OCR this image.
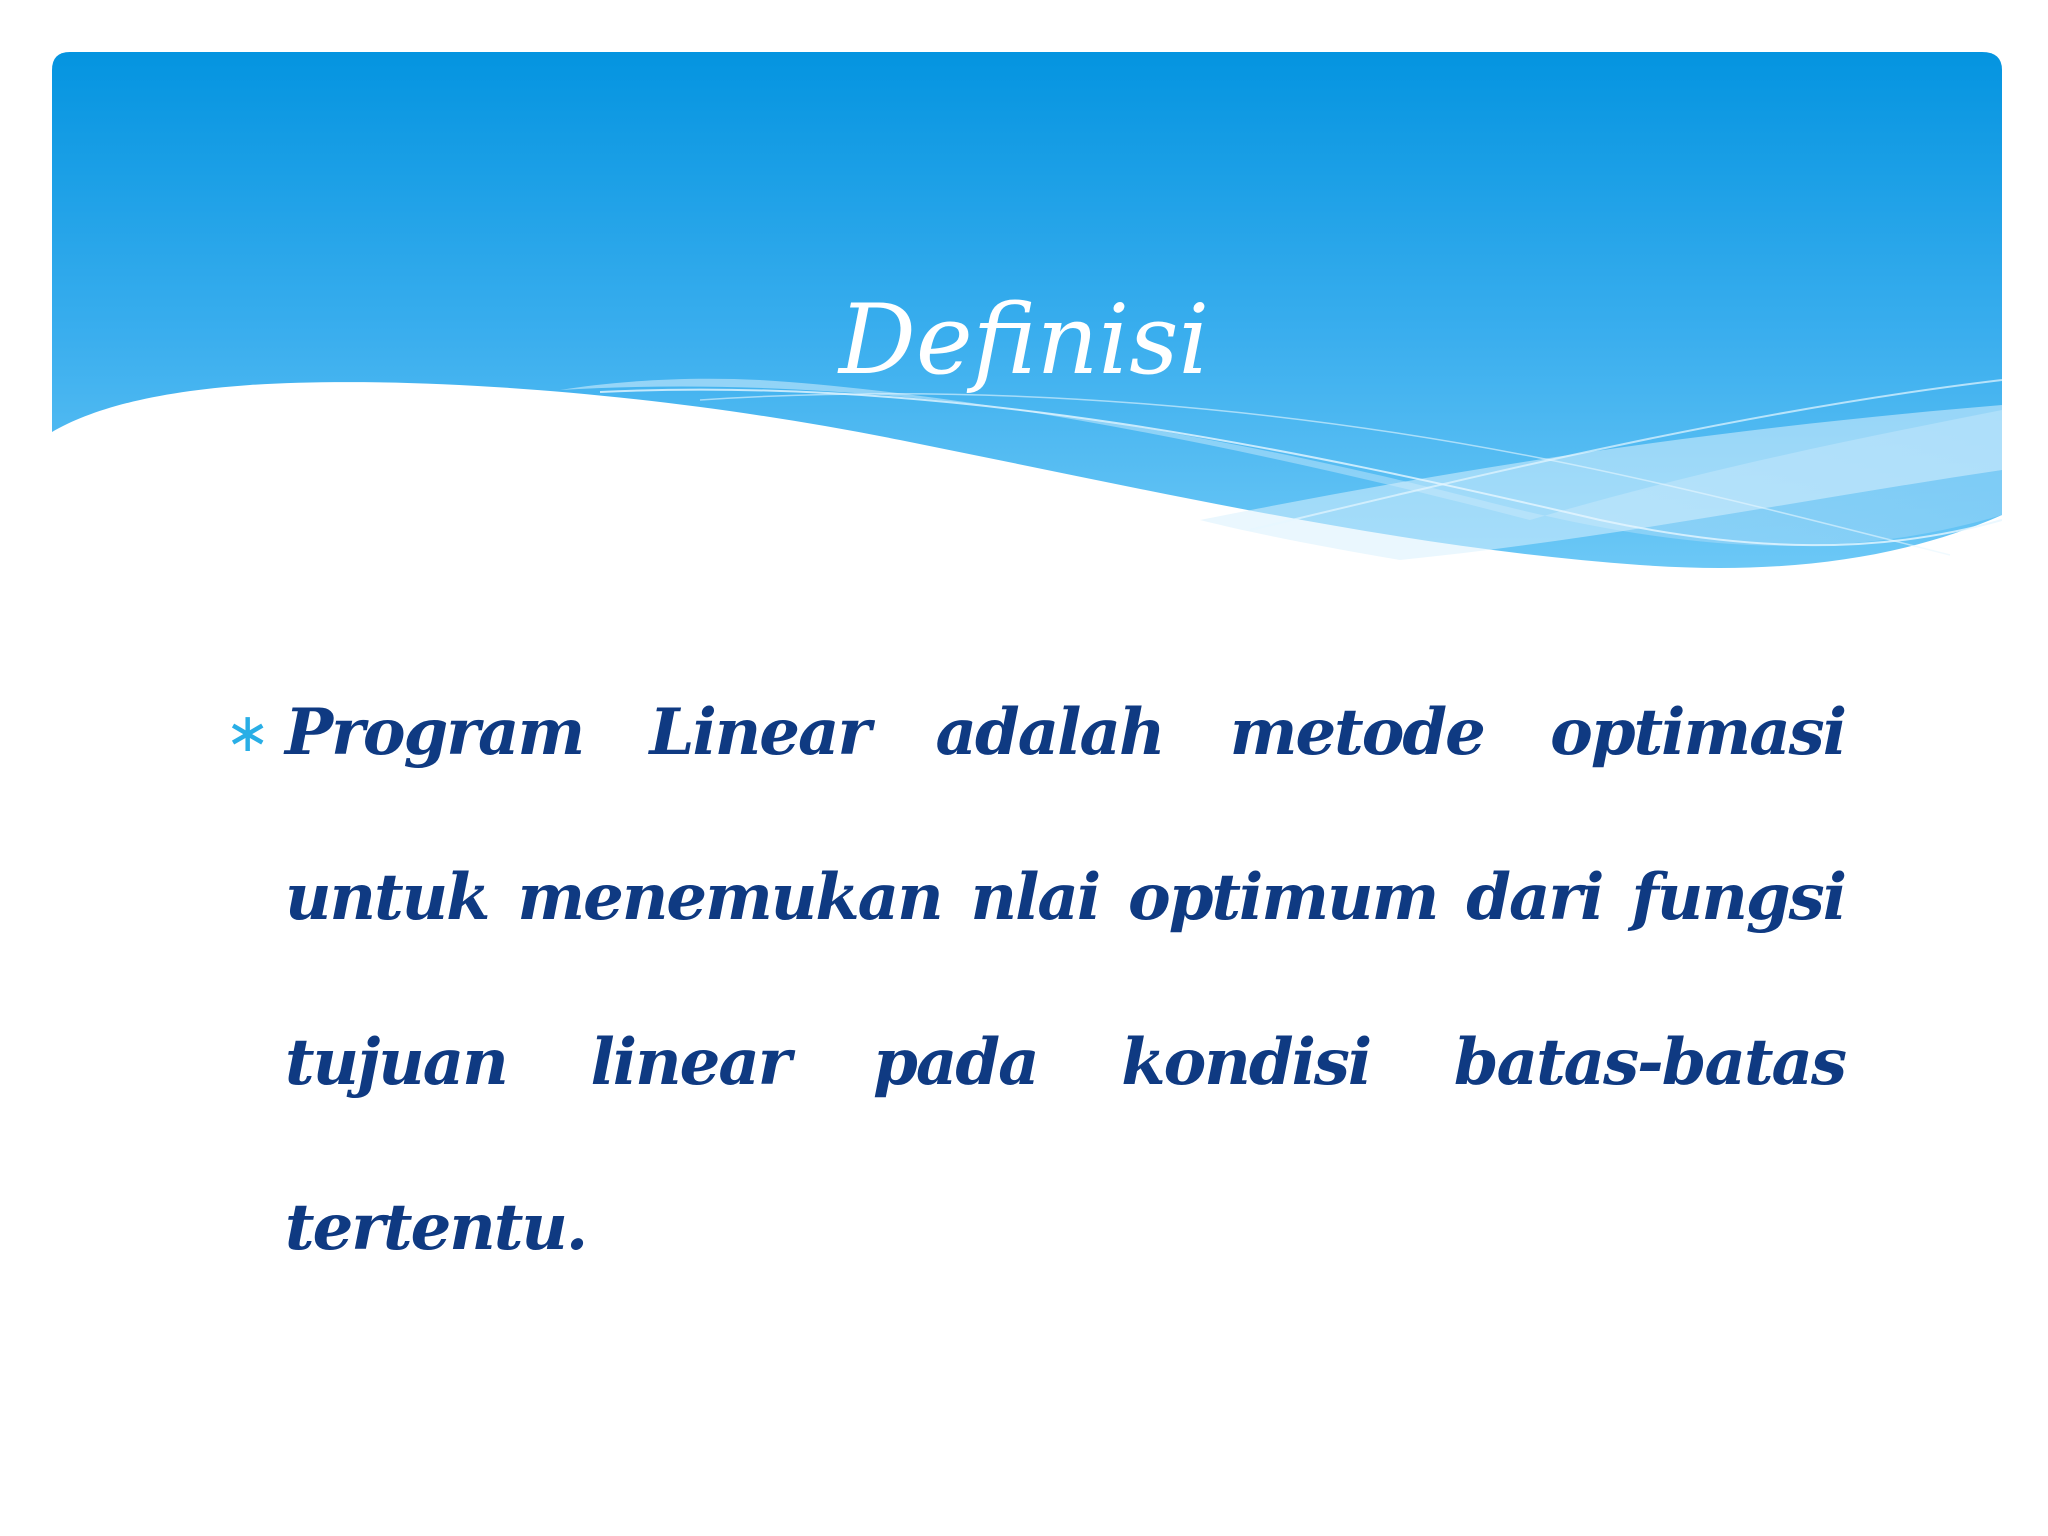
Definisi
∗ Program Linear adalah metode optimasi untuk menemukan nlai optimum dari fungsi tujuan linear pada kondisi batas-batas tertentu.
